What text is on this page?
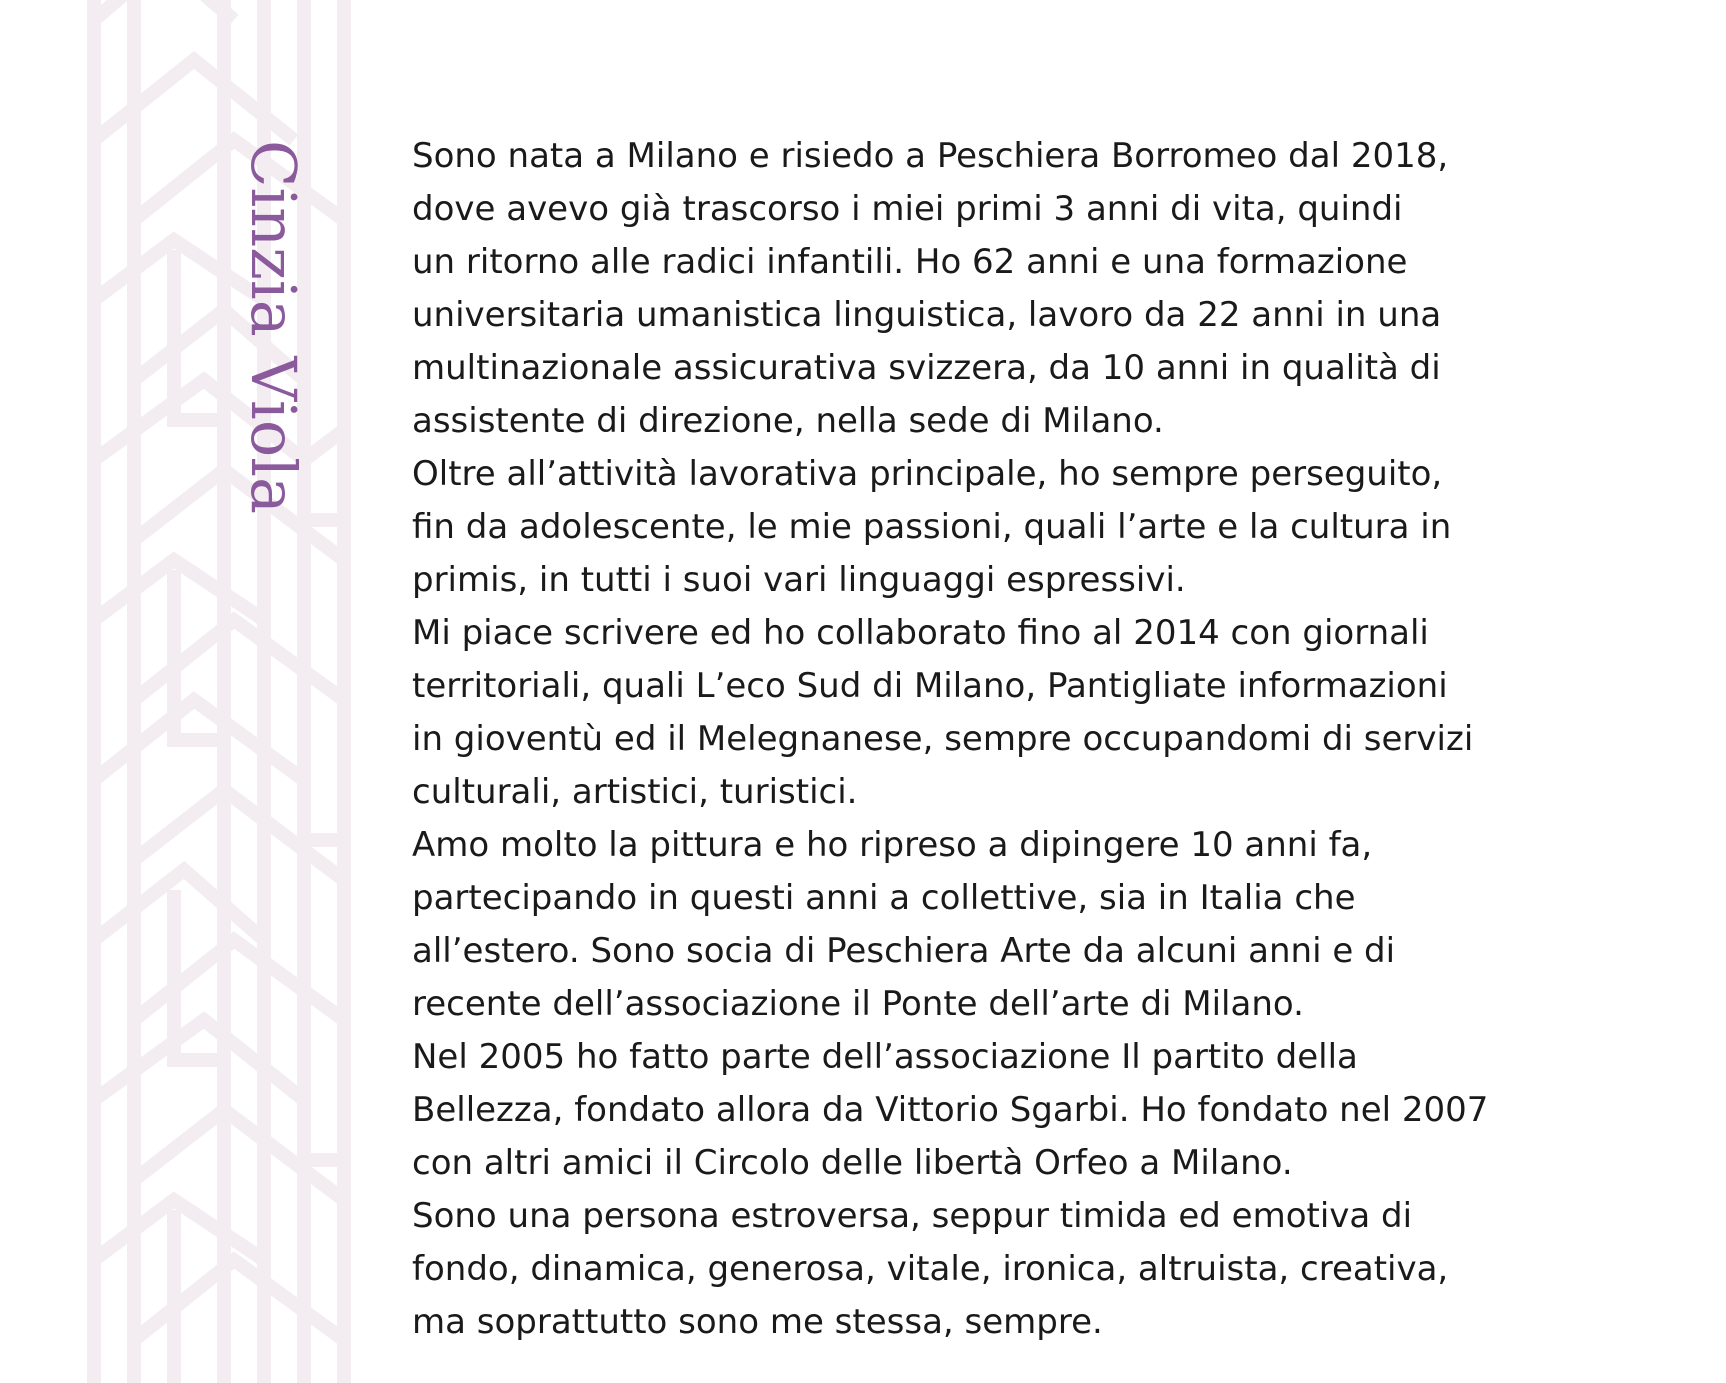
Cinzia Viola	Sono nata a Milano e risiedo a Peschiera Borromeo dal 2018,
dove avevo già trascorso i miei primi 3 anni di vita, quindi
un ritorno alle radici infantili. Ho 62 anni e una formazione
universitaria umanistica linguistica, lavoro da 22 anni in una
multinazionale assicurativa svizzera, da 10 anni in qualità di
assistente di direzione, nella sede di Milano.
Oltre all’attività lavorativa principale, ho sempre perseguito,
fin da adolescente, le mie passioni, quali l’arte e la cultura in
primis, in tutti i suoi vari linguaggi espressivi.
Mi piace scrivere ed ho collaborato fino al 2014 con giornali
territoriali, quali L’eco Sud di Milano, Pantigliate informazioni
in gioventù ed il Melegnanese, sempre occupandomi di servizi
culturali, artistici, turistici.
Amo molto la pittura e ho ripreso a dipingere 10 anni fa,
partecipando in questi anni a collettive, sia in Italia che
all’estero. Sono socia di Peschiera Arte da alcuni anni e di
recente dell’associazione il Ponte dell’arte di Milano.
Nel 2005 ho fatto parte dell’associazione Il partito della
Bellezza, fondato allora da Vittorio Sgarbi. Ho fondato nel 2007
con altri amici il Circolo delle libertà Orfeo a Milano.
Sono una persona estroversa, seppur timida ed emotiva di
fondo, dinamica, generosa, vitale, ironica, altruista, creativa,
ma soprattutto sono me stessa, sempre.
